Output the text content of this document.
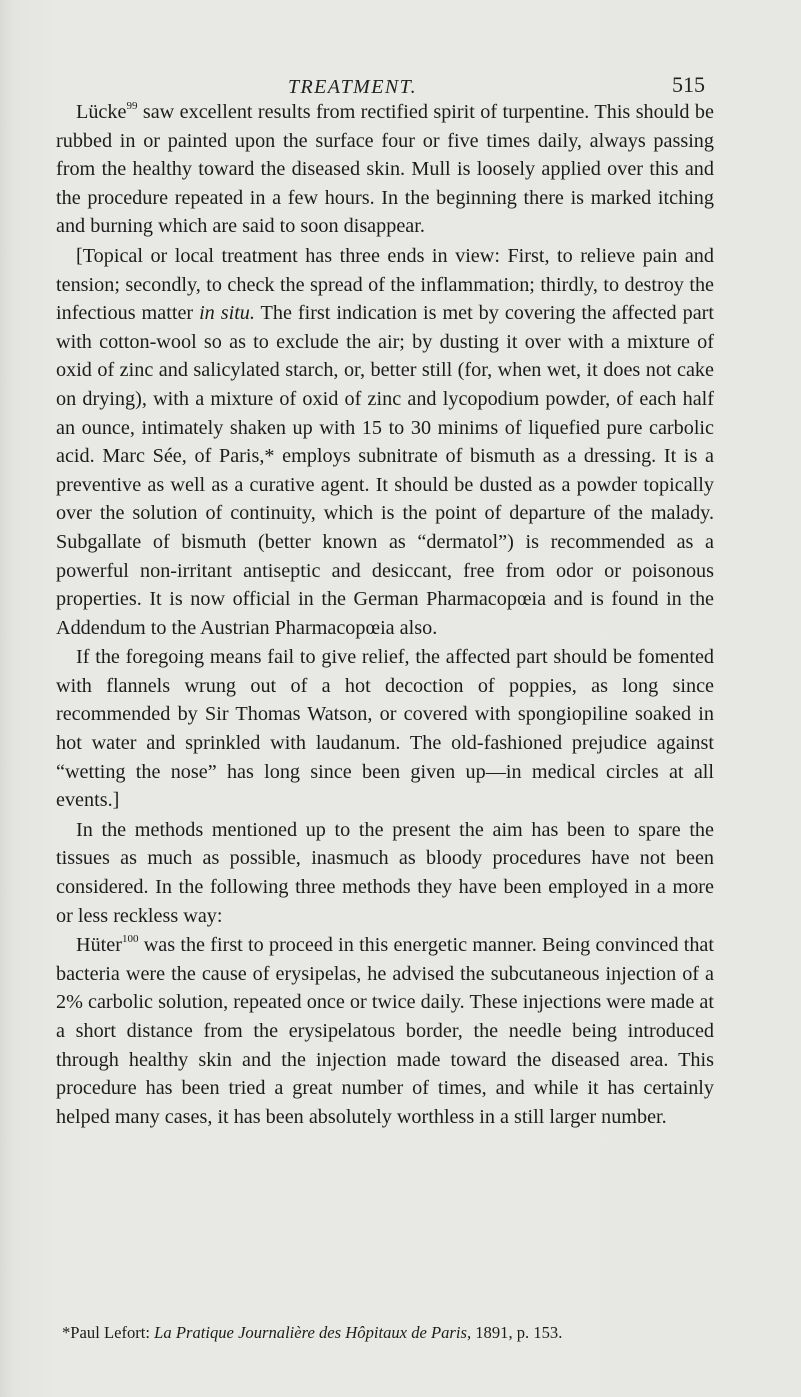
TREATMENT.	515

Lücke$^{99}$ saw excellent results from rectified spirit of turpentine. This should be rubbed in or painted upon the surface four or five times daily, always passing from the healthy toward the diseased skin. Mull is loosely applied over this and the procedure repeated in a few hours. In the beginning there is marked itching and burning which are said to soon disappear.

[Topical or local treatment has three ends in view: First, to relieve pain and tension; secondly, to check the spread of the inflammation; thirdly, to destroy the infectious matter in situ. The first indication is met by covering the affected part with cotton-wool so as to exclude the air; by dusting it over with a mixture of oxid of zinc and salicylated starch, or, better still (for, when wet, it does not cake on drying), with a mixture of oxid of zinc and lycopodium powder, of each half an ounce, intimately shaken up with 15 to 30 minims of liquefied pure carbolic acid. Marc Sée, of Paris,* employs subnitrate of bismuth as a dressing. It is a preventive as well as a curative agent. It should be dusted as a powder topically over the solution of continuity, which is the point of departure of the malady. Subgallate of bismuth (better known as “dermatol”) is recommended as a powerful non-irritant antiseptic and desiccant, free from odor or poisonous properties. It is now official in the German Pharmacopœia and is found in the Addendum to the Austrian Pharmacopœia also.

If the foregoing means fail to give relief, the affected part should be fomented with flannels wrung out of a hot decoction of poppies, as long since recommended by Sir Thomas Watson, or covered with spongiopiline soaked in hot water and sprinkled with laudanum. The old-fashioned prejudice against “wetting the nose” has long since been given up—in medical circles at all events.]

In the methods mentioned up to the present the aim has been to spare the tissues as much as possible, inasmuch as bloody procedures have not been considered. In the following three methods they have been employed in a more or less reckless way:

Hüter$^{100}$ was the first to proceed in this energetic manner. Being convinced that bacteria were the cause of erysipelas, he advised the subcutaneous injection of a 2% carbolic solution, repeated once or twice daily. These injections were made at a short distance from the erysipelatous border, the needle being introduced through healthy skin and the injection made toward the diseased area. This procedure has been tried a great number of times, and while it has certainly helped many cases, it has been absolutely worthless in a still larger number.

*Paul Lefort: La Pratique Journalière des Hôpitaux de Paris, 1891, p. 153.
